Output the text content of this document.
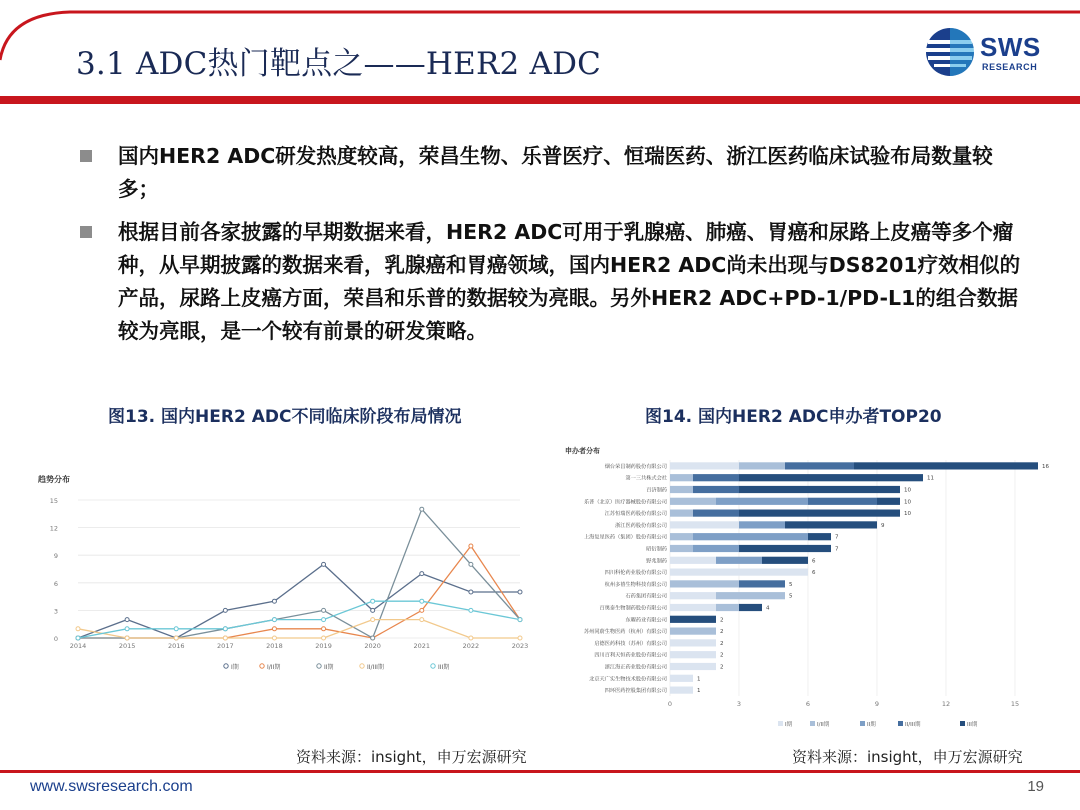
3.1 ADC热门靶点之——HER2 ADC	SWS
RESEARCH
国内HER2 ADC研发热度较高，荣昌生物、乐普医疗、恒瑞医药、浙江医药临床试验布局数量较多；
根据目前各家披露的早期数据来看，HER2 ADC可用于乳腺癌、肺癌、胃癌和尿路上皮癌等多个瘤种，从早期披露的数据来看，乳腺癌和胃癌领域，国内HER2 ADC尚未出现与DS8201疗效相似的产品，尿路上皮癌方面，荣昌和乐普的数据较为亮眼。另外HER2 ADC+PD-1/PD-L1的组合数据较为亮眼，是一个较有前景的研发策略。
图13. 国内HER2 ADC不同临床阶段布局情况	图14. 国内HER2 ADC申办者TOP20
趋势分布
0
3
6
9
12
15
2014	2015	2016	2017	2018	2019	2020	2021	2022	2023
I期	I/II期	II期	II/III期	III期
申办者分布
0	3	6	9	12	15
烟台荣昌制药股份有限公司	16
第一三共株式会社	11
百济制药	10
乐普（北京）医疗器械股份有限公司	10
江苏恒瑞医药股份有限公司	10
浙江医药股份有限公司	9
上海复星医药（集团）股份有限公司	7
昭衍制药	7
野兆制药	6
四川科伦药业股份有限公司	6
杭州多禧生物科技有限公司	5
石药集团有限公司	5
百奥泰生物制药股份有限公司	4
东曜药业有限公司	2
苏州同蔚生物医药（杭州）有限公司	2
启德医药科技（苏州）有限公司	2
四川百利天恒药业股份有限公司	2
浙江海正药业股份有限公司	2
北京天广实生物技术股份有限公司	1
四环医药控股集团有限公司	1
I期	I/II期	II期	II/III期	III期
资料来源：insight，申万宏源研究	资料来源：insight，申万宏源研究
www.swsresearch.com	19
